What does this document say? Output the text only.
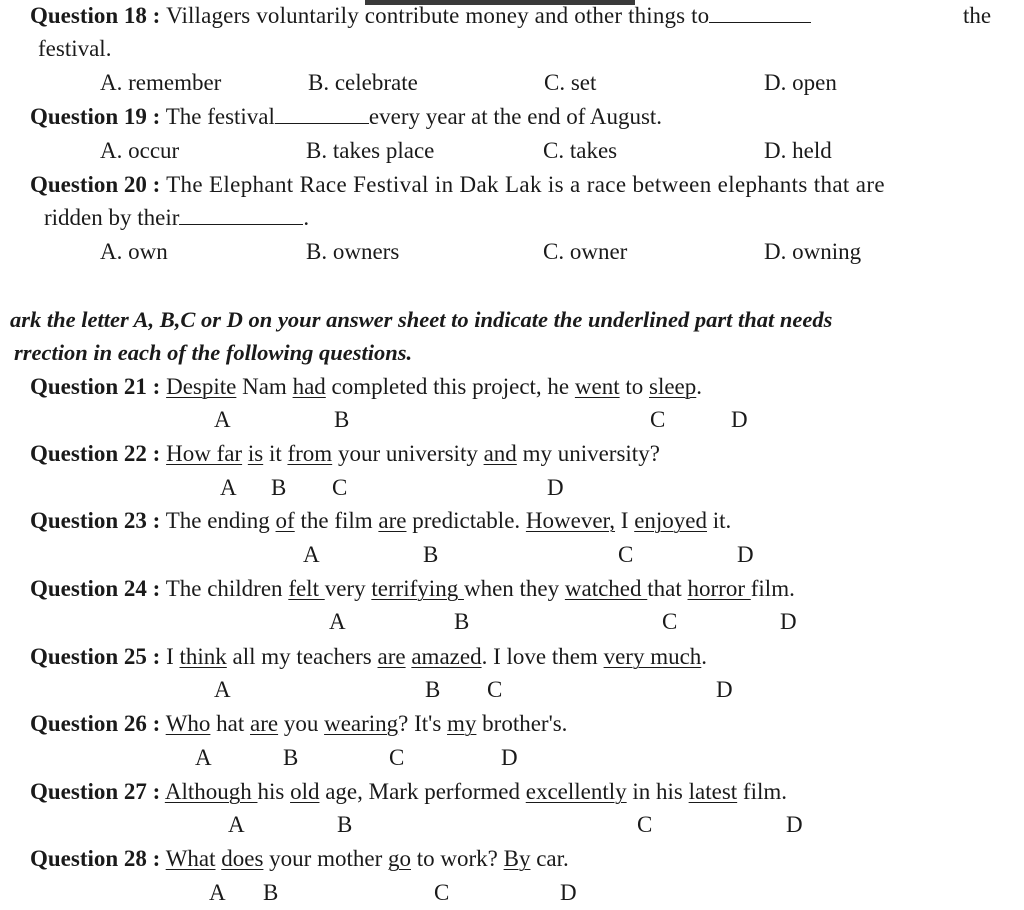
Question 18 : Villagers voluntarily contribute money and other things to	the
festival.
A. remember	B. celebrate	C. set	D. open
Question 19 : The festival	every year at the end of August.
A. occur	B. takes place	C. takes	D. held
Question 20 : The Elephant Race Festival in Dak Lak is a race between elephants that are
ridden by their	.
A. own	B. owners	C. owner	D. owning
ark the letter A, B,C or D on your answer sheet to indicate the underlined part that needs
rrection in each of the following questions.
Question 21 : Despite Nam had completed this project, he went to sleep.
A	B	C	D
Question 22 : How far is it from your university and my university?
A B C	D
Question 23 : The ending of the film are predictable. However, I enjoyed it.
A	B	C	D
Question 24 : The children felt very terrifying when they watched that horror film.
A	B	C	D
Question 25 : I think all my teachers are amazed. I love them very much.
A	B C	D
Question 26 : Who hat are you wearing? It's my brother's.
A	B	C	D
Question 27 : Although his old age, Mark performed excellently in his latest film.
A	B	C	D
Question 28 : What does your mother go to work? By car.
A B	C	D
